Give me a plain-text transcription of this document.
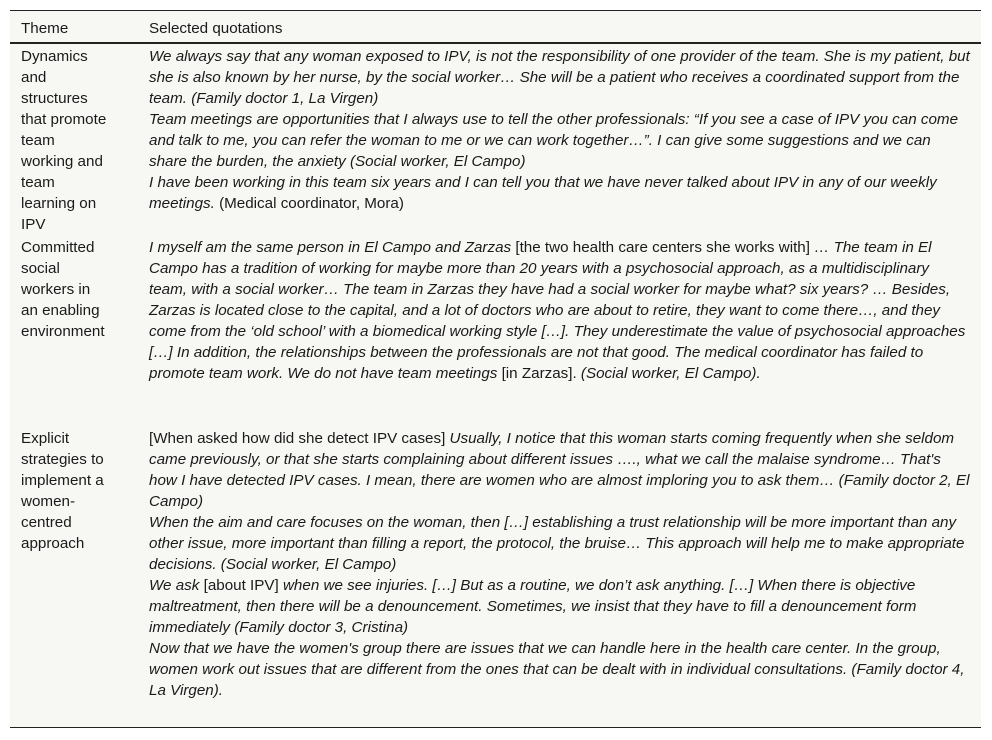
Theme	Selected quotations
Dynamics
and
structures
that promote
team
working and
team
learning on
IPV

We always say that any woman exposed to IPV, is not the responsibility of one provider of the team. She is my patient, but she is also known by her nurse, by the social worker… She will be a patient who receives a coordinated support from the team. (Family doctor 1, La Virgen)

Team meetings are opportunities that I always use to tell the other professionals: “If you see a case of IPV you can come and talk to me, you can refer the woman to me or we can work together…”. I can give some suggestions and we can share the burden, the anxiety (Social worker, El Campo)

I have been working in this team six years and I can tell you that we have never talked about IPV in any of our weekly meetings. (Medical coordinator, Mora)

Committed
social
workers in
an enabling
environment

I myself am the same person in El Campo and Zarzas [the two health care centers she works with] … The team in El Campo has a tradition of working for maybe more than 20 years with a psychosocial approach, as a multidisciplinary team, with a social worker… The team in Zarzas they have had a social worker for maybe what? six years? … Besides, Zarzas is located close to the capital, and a lot of doctors who are about to retire, they want to come there…, and they come from the ‘old school’ with a biomedical working style […]. They underestimate the value of psychosocial approaches […] In addition, the relationships between the professionals are not that good. The medical coordinator has failed to promote team work. We do not have team meetings [in Zarzas]. (Social worker, El Campo).

Explicit
strategies to
implement a
women-
centred
approach

[When asked how did she detect IPV cases] Usually, I notice that this woman starts coming frequently when she seldom came previously, or that she starts complaining about different issues …., what we call the malaise syndrome… That's how I have detected IPV cases. I mean, there are women who are almost imploring you to ask them… (Family doctor 2, El Campo)

When the aim and care focuses on the woman, then […] establishing a trust relationship will be more important than any other issue, more important than filling a report, the protocol, the bruise… This approach will help me to make appropriate decisions. (Social worker, El Campo)

We ask [about IPV] when we see injuries. […] But as a routine, we don’t ask anything. […] When there is objective maltreatment, then there will be a denouncement. Sometimes, we insist that they have to fill a denouncement form immediately (Family doctor 3, Cristina)

Now that we have the women's group there are issues that we can handle here in the health care center. In the group, women work out issues that are different from the ones that can be dealt with in individual consultations. (Family doctor 4, La Virgen).
